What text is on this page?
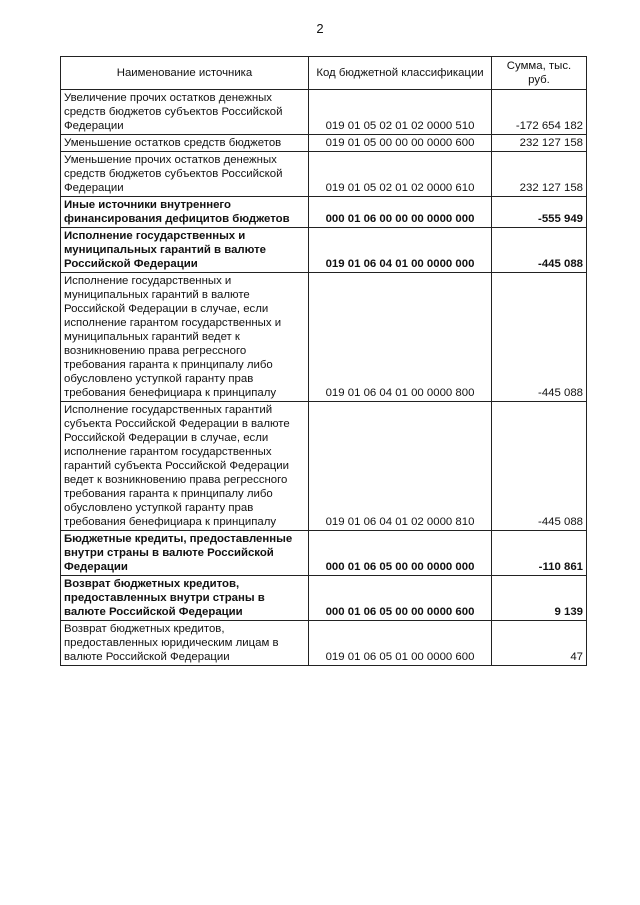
2
Наименование источника	Код бюджетной классификации	Сумма, тыс. руб.
Увеличение прочих остатков денежных средств бюджетов субъектов Российской Федерации	019 01 05 02 01 02 0000 510	-172 654 182
Уменьшение остатков средств бюджетов	019 01 05 00 00 00 0000 600	232 127 158
Уменьшение прочих остатков денежных средств бюджетов субъектов Российской Федерации	019 01 05 02 01 02 0000 610	232 127 158
Иные источники внутреннего финансирования дефицитов бюджетов	000 01 06 00 00 00 0000 000	-555 949
Исполнение государственных и муниципальных гарантий в валюте Российской Федерации	019 01 06 04 01 00 0000 000	-445 088
Исполнение государственных и муниципальных гарантий в валюте Российской Федерации в случае, если исполнение гарантом государственных и муниципальных гарантий ведет к возникновению права регрессного требования гаранта к принципалу либо обусловлено уступкой гаранту прав требования бенефициара к принципалу	019 01 06 04 01 00 0000 800	-445 088
Исполнение государственных гарантий субъекта Российской Федерации в валюте Российской Федерации в случае, если исполнение гарантом государственных гарантий субъекта Российской Федерации ведет к возникновению права регрессного требования гаранта к принципалу либо обусловлено уступкой гаранту прав требования бенефициара к принципалу	019 01 06 04 01 02 0000 810	-445 088
Бюджетные кредиты, предоставленные внутри страны в валюте Российской Федерации	000 01 06 05 00 00 0000 000	-110 861
Возврат бюджетных кредитов, предоставленных внутри страны в валюте Российской Федерации	000 01 06 05 00 00 0000 600	9 139
Возврат бюджетных кредитов, предоставленных юридическим лицам в валюте Российской Федерации	019 01 06 05 01 00 0000 600	47
